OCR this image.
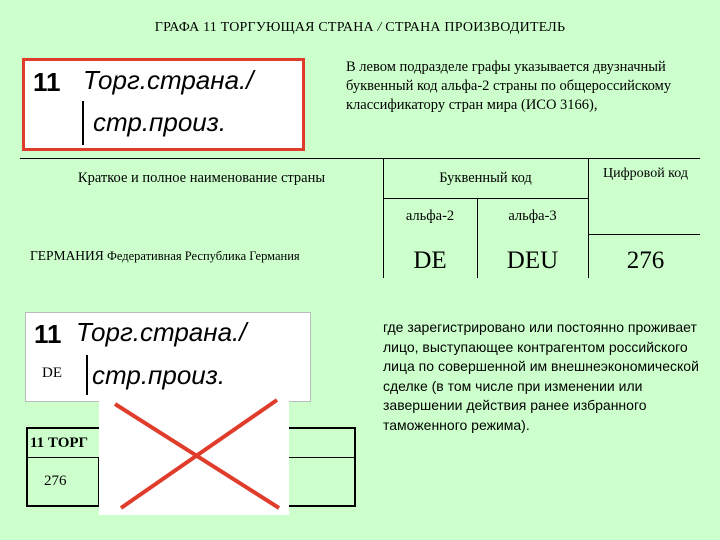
ГРАФА 11 ТОРГУЮЩАЯ СТРАНА / СТРАНА ПРОИЗВОДИТЕЛЬ
11 Торг.страна./
стр.произ.
В левом подразделе графы указывается двузначный буквенный код альфа-2 страны по общероссийскому классификатору стран мира (ИСО 3166),
Краткое и полное наименование страны	Буквенный код	Цифровой код
альфа-2	альфа-3
ГЕРМАНИЯ Федеративная Республика Германия	DE	DEU	276
11 Торг.страна./
стр.произ.
DE
11 ТОРГ
276
где зарегистрировано или постоянно проживает лицо, выступающее контрагентом российского лица по совершенной им внешнеэкономической сделке (в том числе при изменении или завершении действия ранее избранного таможенного режима).
